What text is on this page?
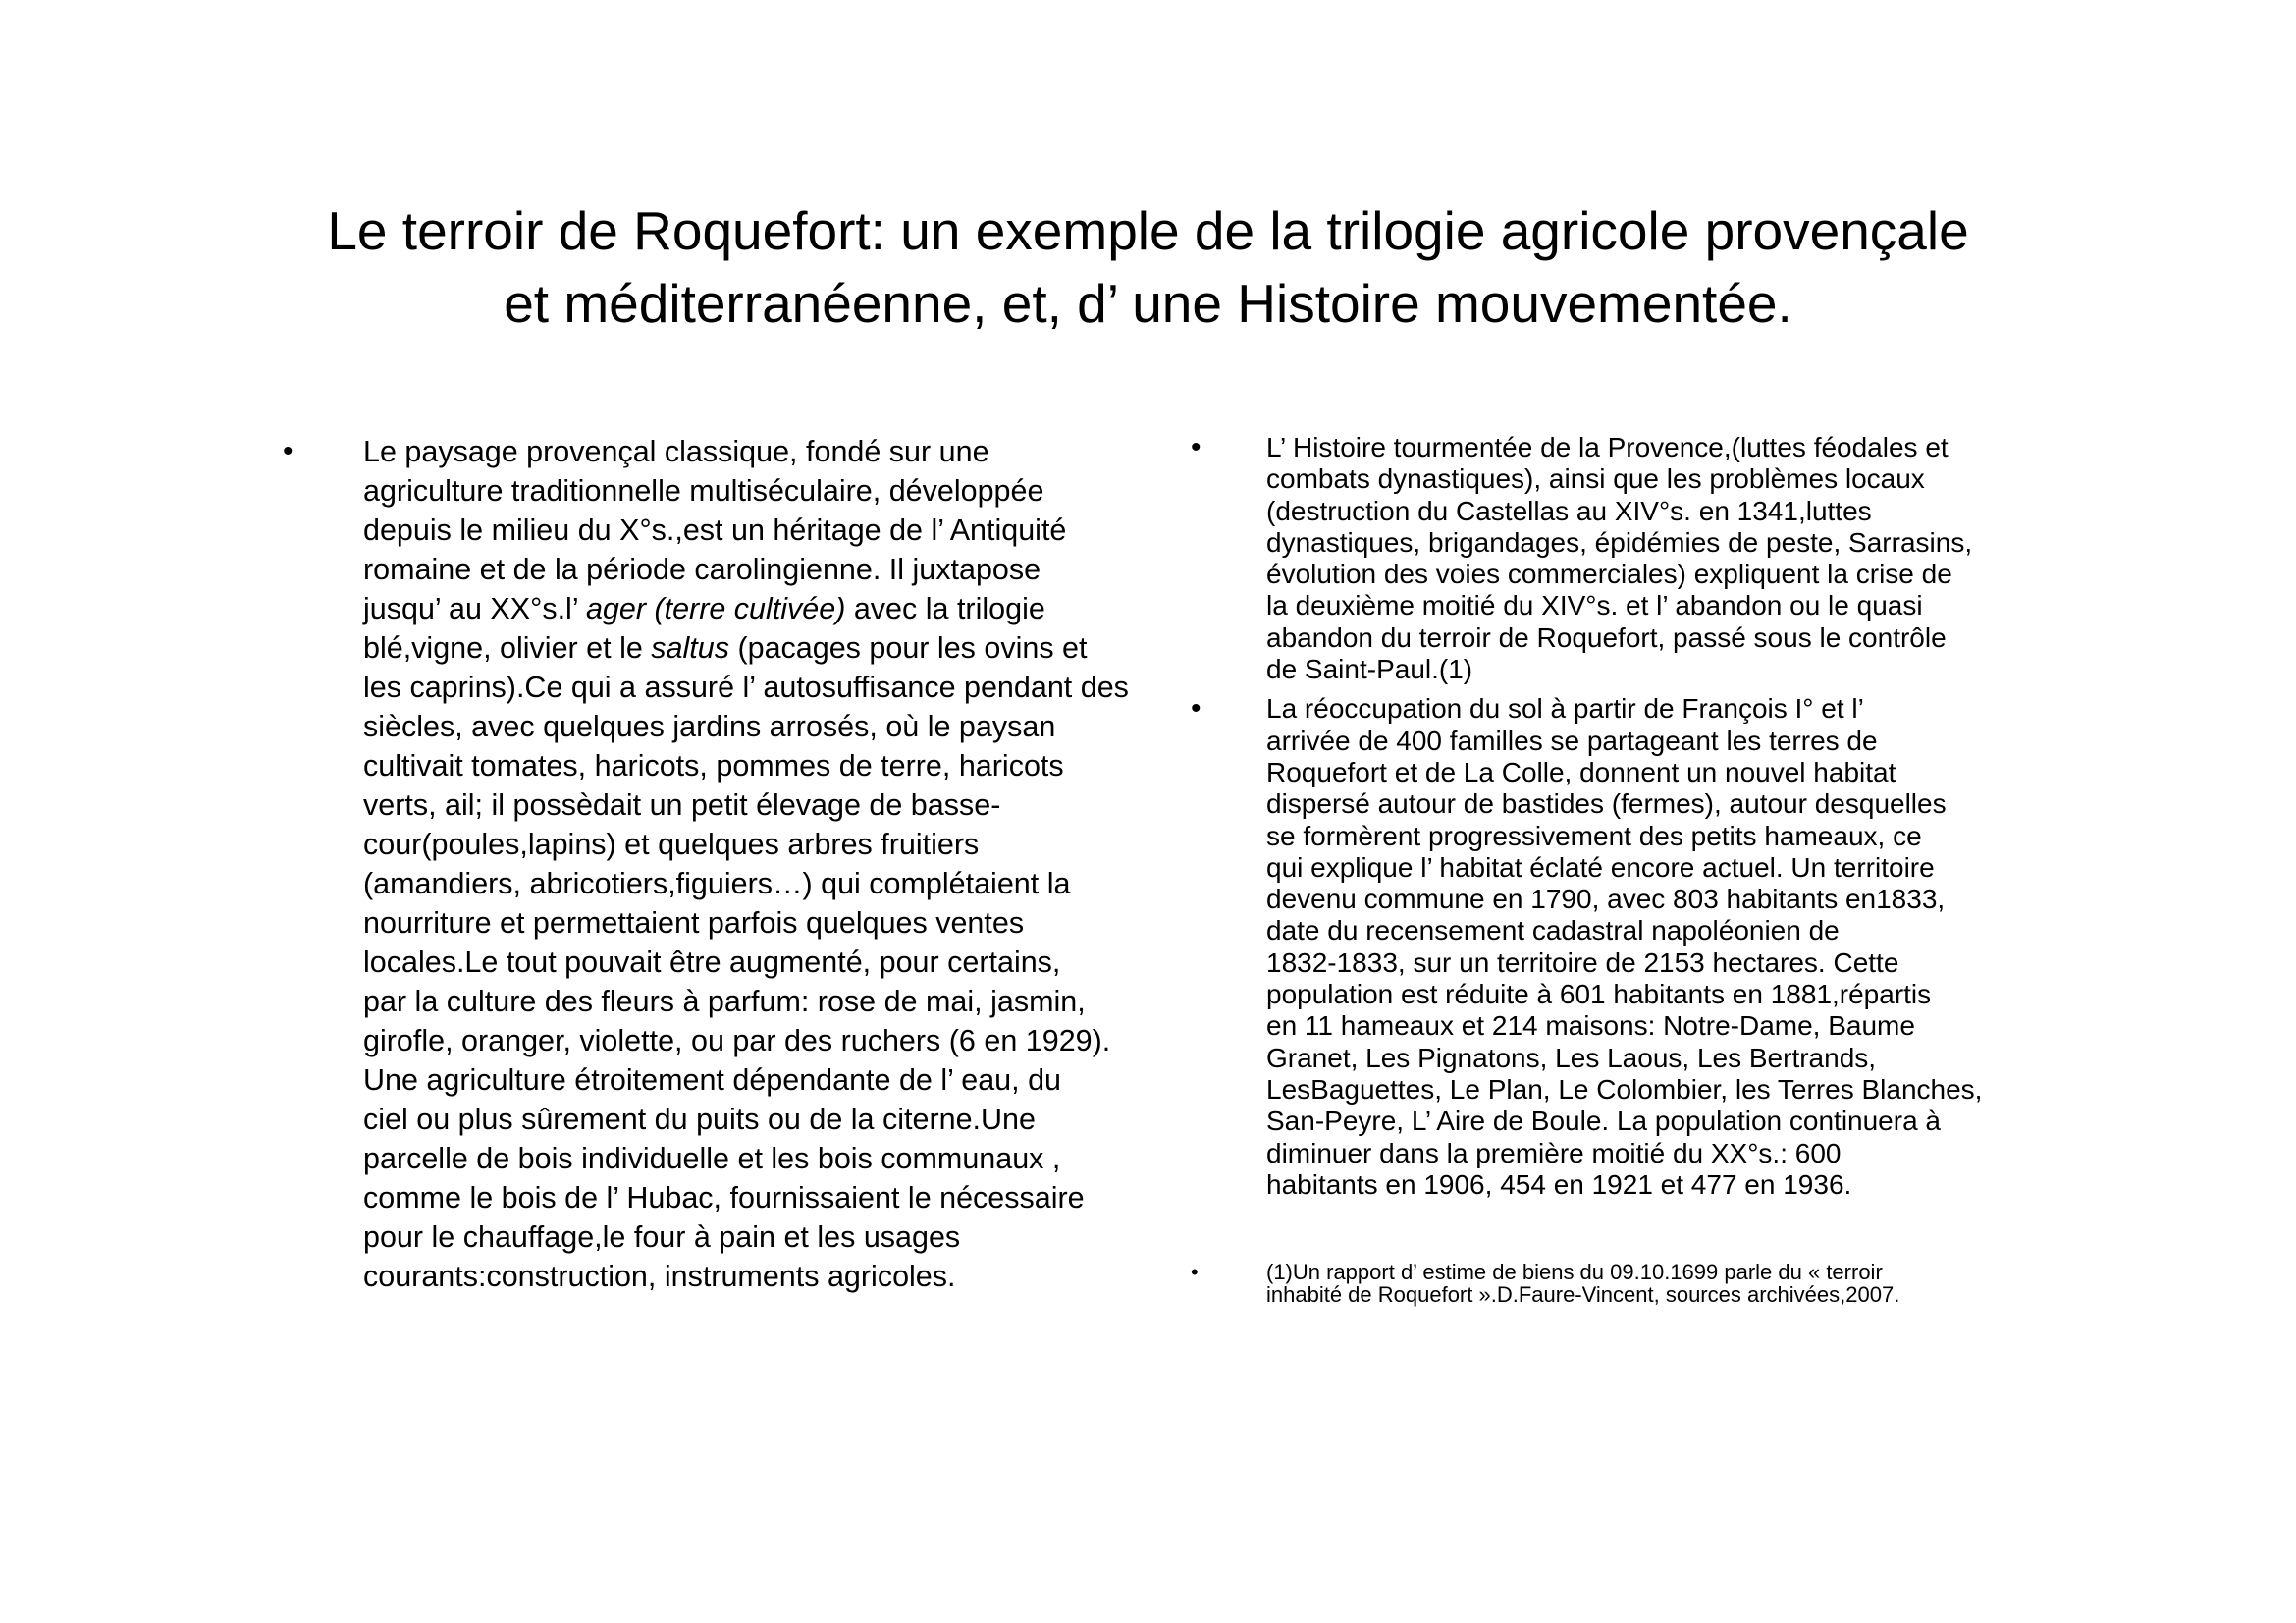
Le terroir de Roquefort: un exemple de la trilogie agricole provençale
et méditerranéenne, et, d’ une Histoire mouvementée.
• Le paysage provençal classique, fondé sur une
agriculture traditionnelle multiséculaire, développée
depuis le milieu du X°s.,est un héritage de l’ Antiquité
romaine et de la période carolingienne. Il juxtapose
jusqu’ au XX°s.l’ ager (terre cultivée) avec la trilogie
blé,vigne, olivier et le saltus (pacages pour les ovins et
les caprins).Ce qui a assuré l’ autosuffisance pendant des
siècles, avec quelques jardins arrosés, où le paysan
cultivait tomates, haricots, pommes de terre, haricots
verts, ail; il possèdait un petit élevage de basse-
cour(poules,lapins) et quelques arbres fruitiers
(amandiers, abricotiers,figuiers…) qui complétaient la
nourriture et permettaient parfois quelques ventes
locales.Le tout pouvait être augmenté, pour certains,
par la culture des fleurs à parfum: rose de mai, jasmin,
girofle, oranger, violette, ou par des ruchers (6 en 1929).
Une agriculture étroitement dépendante de l’ eau, du
ciel ou plus sûrement du puits ou de la citerne.Une
parcelle de bois individuelle et les bois communaux ,
comme le bois de l’ Hubac, fournissaient le nécessaire
pour le chauffage,le four à pain et les usages
courants:construction, instruments agricoles.
• L’ Histoire tourmentée de la Provence,(luttes féodales et
combats dynastiques), ainsi que les problèmes locaux
(destruction du Castellas au XIV°s. en 1341,luttes
dynastiques, brigandages, épidémies de peste, Sarrasins,
évolution des voies commerciales) expliquent la crise de
la deuxième moitié du XIV°s. et l’ abandon ou le quasi
abandon du terroir de Roquefort, passé sous le contrôle
de Saint-Paul.(1)
• La réoccupation du sol à partir de François I° et l’
arrivée de 400 familles se partageant les terres de
Roquefort et de La Colle, donnent un nouvel habitat
dispersé autour de bastides (fermes), autour desquelles
se formèrent progressivement des petits hameaux, ce
qui explique l’ habitat éclaté encore actuel. Un territoire
devenu commune en 1790, avec 803 habitants en1833,
date du recensement cadastral napoléonien de
1832-1833, sur un territoire de 2153 hectares. Cette
population est réduite à 601 habitants en 1881,répartis
en 11 hameaux et 214 maisons: Notre-Dame, Baume
Granet, Les Pignatons, Les Laous, Les Bertrands,
LesBaguettes, Le Plan, Le Colombier, les Terres Blanches,
San-Peyre, L’ Aire de Boule. La population continuera à
diminuer dans la première moitié du XX°s.: 600
habitants en 1906, 454 en 1921 et 477 en 1936.
•	(1)Un rapport d’ estime de biens du 09.10.1699 parle du « terroir
inhabité de Roquefort ».D.Faure-Vincent, sources archivées,2007.
